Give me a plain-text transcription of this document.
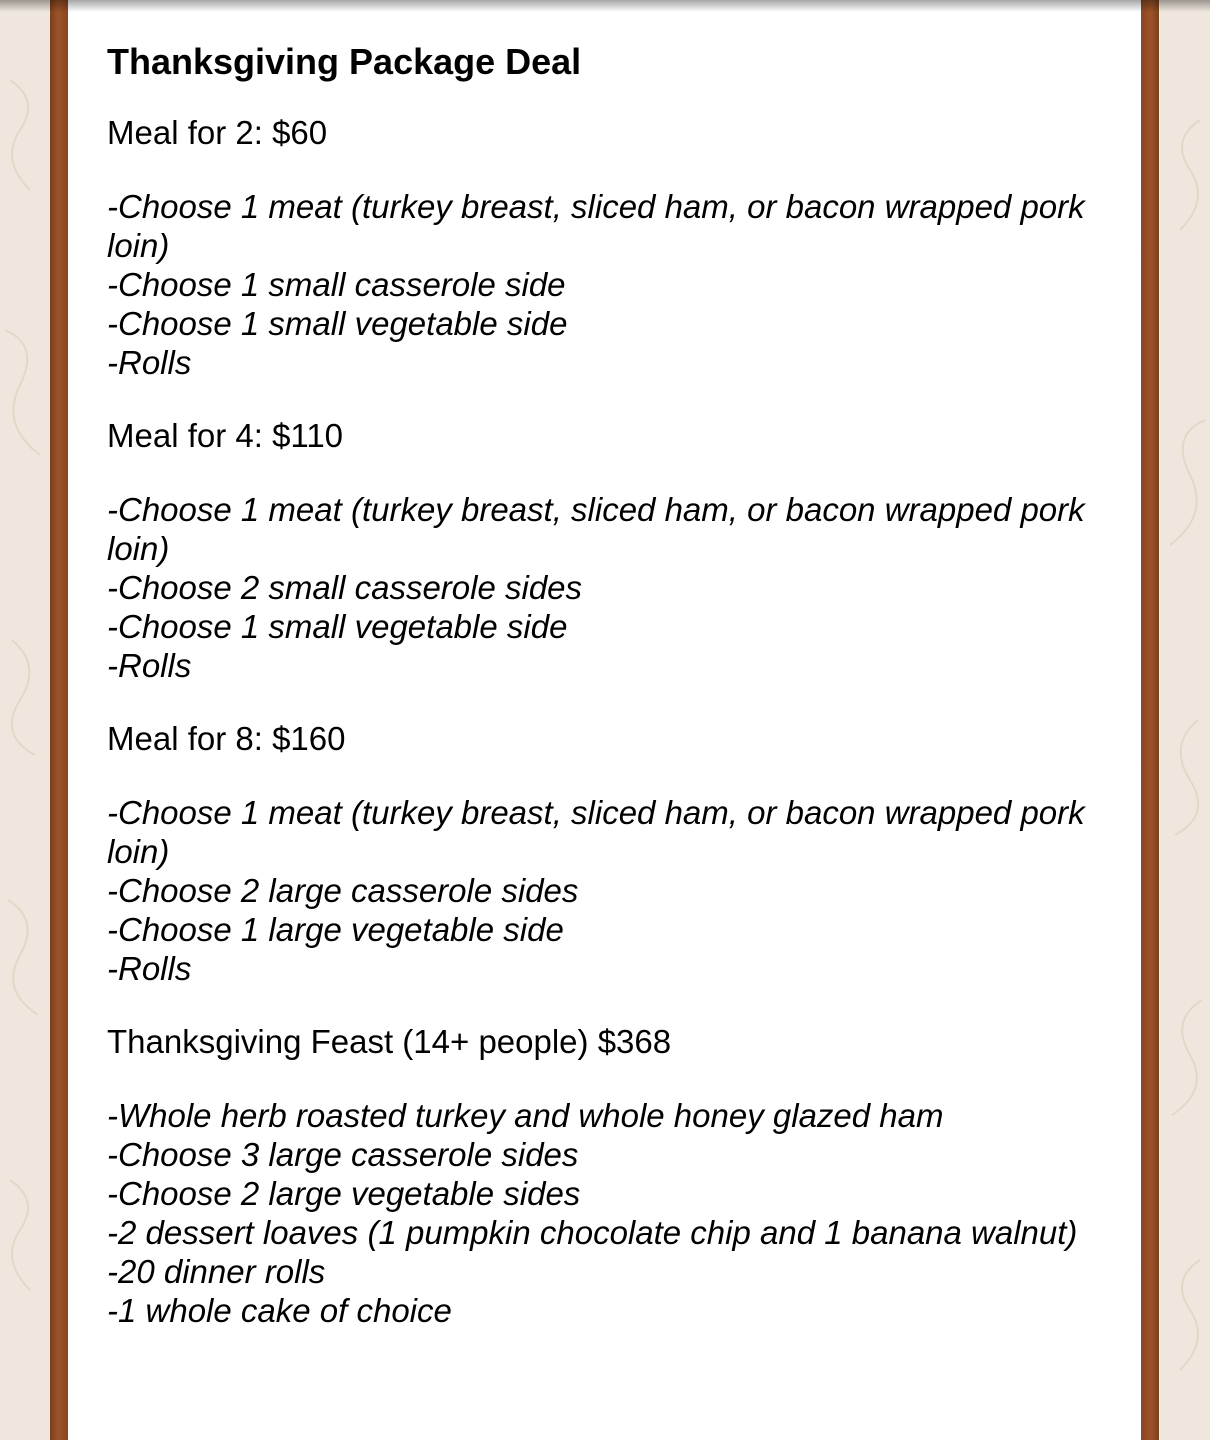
Thanksgiving Package Deal
Meal for 2: $60
-Choose 1 meat (turkey breast, sliced ham, or bacon wrapped pork loin)
-Choose 1 small casserole side
-Choose 1 small vegetable side
-Rolls
Meal for 4: $110
-Choose 1 meat (turkey breast, sliced ham, or bacon wrapped pork loin)
-Choose 2 small casserole sides
-Choose 1 small vegetable side
-Rolls
Meal for 8: $160
-Choose 1 meat (turkey breast, sliced ham, or bacon wrapped pork loin)
-Choose 2 large casserole sides
-Choose 1 large vegetable side
-Rolls
Thanksgiving Feast (14+ people) $368
-Whole herb roasted turkey and whole honey glazed ham
-Choose 3 large casserole sides
-Choose 2 large vegetable sides
-2 dessert loaves (1 pumpkin chocolate chip and 1 banana walnut)
-20 dinner rolls
-1 whole cake of choice
